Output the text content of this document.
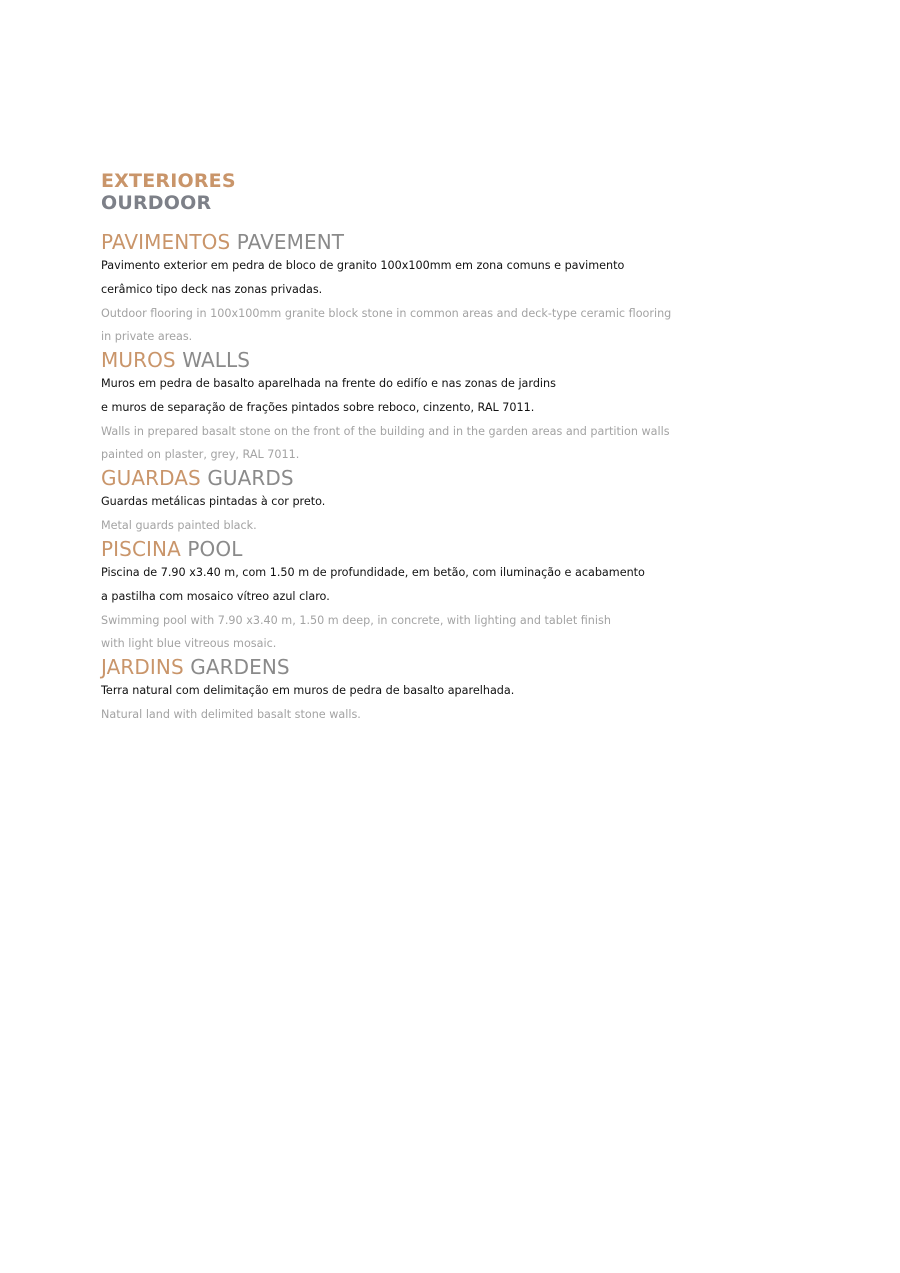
EXTERIORES
OURDOOR
PAVIMENTOS PAVEMENT

Pavimento exterior em pedra de bloco de granito 100x100mm em zona comuns e pavimento

cerâmico tipo deck nas zonas privadas.

Outdoor flooring in 100x100mm granite block stone in common areas and deck-type ceramic flooring

in private areas.

MUROS WALLS

Muros em pedra de basalto aparelhada na frente do edifío e nas zonas de jardins

e muros de separação de frações pintados sobre reboco, cinzento, RAL 7011.

Walls in prepared basalt stone on the front of the building and in the garden areas and partition walls

painted on plaster, grey, RAL 7011.

GUARDAS GUARDS

Guardas metálicas pintadas à cor preto.

Metal guards painted black.

PISCINA POOL

Piscina de 7.90 x3.40 m, com 1.50 m de profundidade, em betão, com iluminação e acabamento

a pastilha com mosaico vítreo azul claro.

Swimming pool with 7.90 x3.40 m, 1.50 m deep, in concrete, with lighting and tablet finish

with light blue vitreous mosaic.

JARDINS GARDENS

Terra natural com delimitação em muros de pedra de basalto aparelhada.

Natural land with delimited basalt stone walls.
